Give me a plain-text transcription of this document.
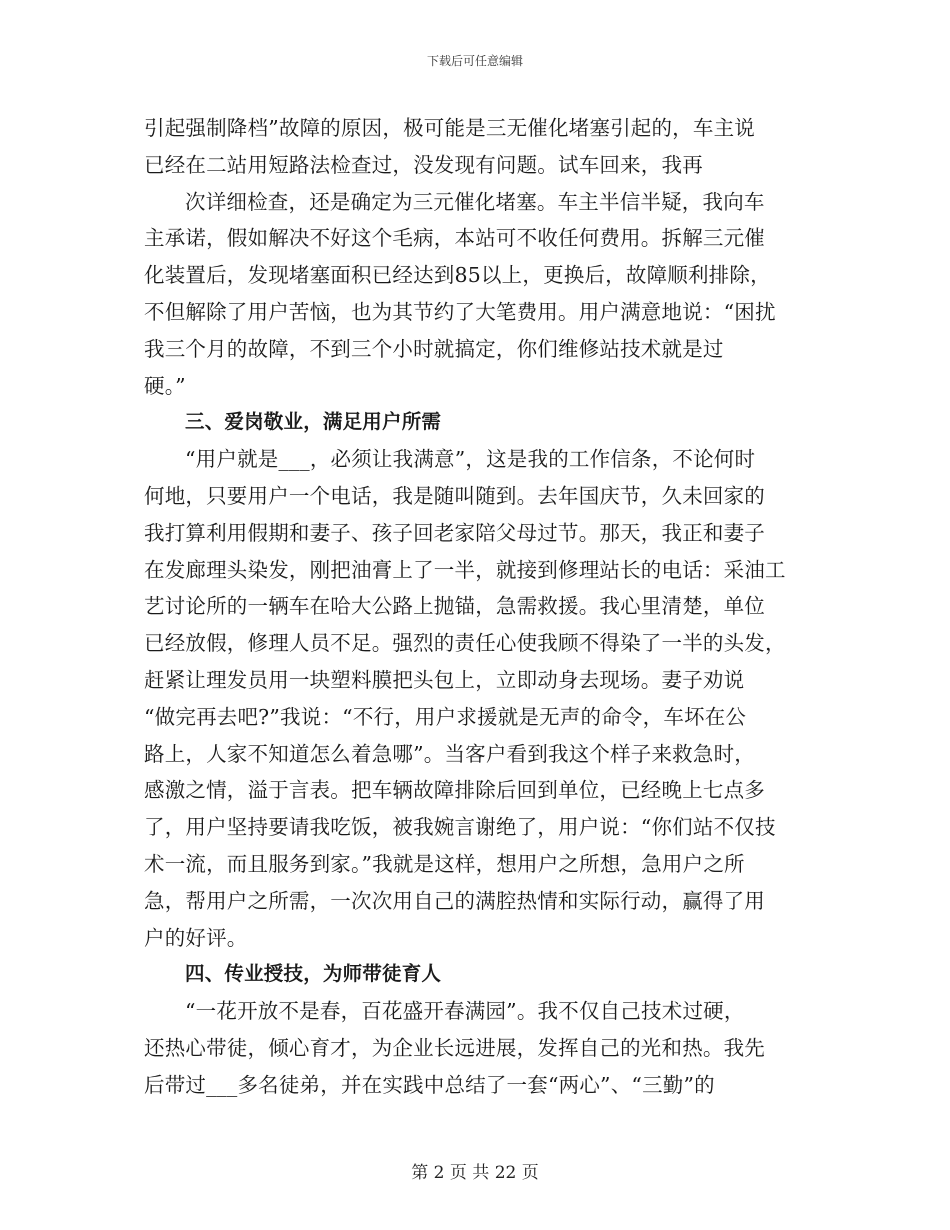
下载后可任意编辑
引起强制降档”故障的原因，极可能是三无催化堵塞引起的，车主说
已经在二站用短路法检查过，没发现有问题。试车回来，我再
次详细检查，还是确定为三元催化堵塞。车主半信半疑，我向车
主承诺，假如解决不好这个毛病，本站可不收任何费用。拆解三元催
化装置后，发现堵塞面积已经达到85以上，更换后，故障顺利排除，
不但解除了用户苦恼，也为其节约了大笔费用。用户满意地说：“困扰
我三个月的故障，不到三个小时就搞定，你们维修站技术就是过
硬。”
三、爱岗敬业，满足用户所需
“用户就是___，必须让我满意”，这是我的工作信条，不论何时
何地，只要用户一个电话，我是随叫随到。去年国庆节，久未回家的
我打算利用假期和妻子、孩子回老家陪父母过节。那天，我正和妻子
在发廊理头染发，刚把油膏上了一半，就接到修理站长的电话：采油工
艺讨论所的一辆车在哈大公路上抛锚，急需救援。我心里清楚，单位
已经放假，修理人员不足。强烈的责任心使我顾不得染了一半的头发，
赶紧让理发员用一块塑料膜把头包上，立即动身去现场。妻子劝说
“做完再去吧?”我说：“不行，用户求援就是无声的命令，车坏在公
路上，人家不知道怎么着急哪”。当客户看到我这个样子来救急时，
感激之情，溢于言表。把车辆故障排除后回到单位，已经晚上七点多
了，用户坚持要请我吃饭，被我婉言谢绝了，用户说：“你们站不仅技
术一流，而且服务到家。”我就是这样，想用户之所想，急用户之所
急，帮用户之所需，一次次用自己的满腔热情和实际行动，赢得了用
户的好评。
四、传业授技，为师带徒育人
“一花开放不是春，百花盛开春满园”。我不仅自己技术过硬，
还热心带徒，倾心育才，为企业长远进展，发挥自己的光和热。我先
后带过___多名徒弟，并在实践中总结了一套“两心”、“三勤”的
第 2 页 共 22 页
